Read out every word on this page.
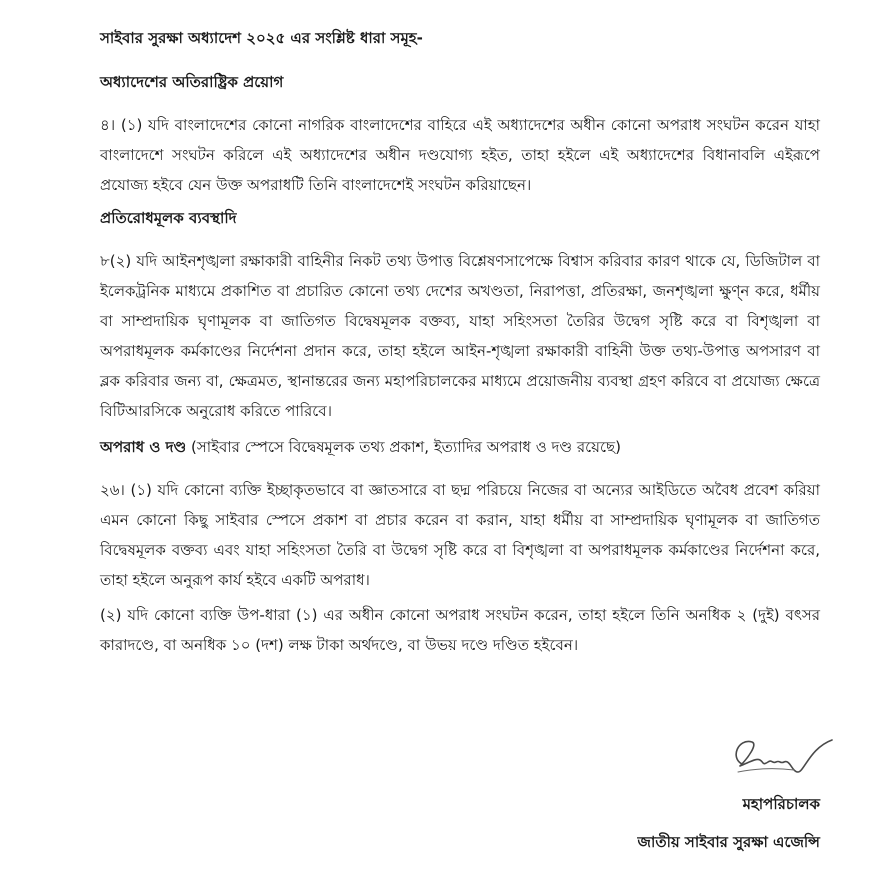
সাইবার সুরক্ষা অধ্যাদেশ ২০২৫ এর সংশ্লিষ্ট ধারা সমূহ-

অধ্যাদেশের অতিরাষ্ট্রিক প্রয়োগ

৪। (১) যদি বাংলাদেশের কোনো নাগরিক বাংলাদেশের বাহিরে এই অধ্যাদেশের অধীন কোনো অপরাধ সংঘটন করেন যাহা বাংলাদেশে সংঘটন করিলে এই অধ্যাদেশের অধীন দণ্ডযোগ্য হইত, তাহা হইলে এই অধ্যাদেশের বিধানাবলি এইরূপে প্রযোজ্য হইবে যেন উক্ত অপরাধটি তিনি বাংলাদেশেই সংঘটন করিয়াছেন।

প্রতিরোধমূলক ব্যবস্থাদি

৮(২) যদি আইনশৃঙ্খলা রক্ষাকারী বাহিনীর নিকট তথ্য উপাত্ত বিশ্লেষণসাপেক্ষে বিশ্বাস করিবার কারণ থাকে যে, ডিজিটাল বা ইলেকট্রনিক মাধ্যমে প্রকাশিত বা প্রচারিত কোনো তথ্য দেশের অখণ্ডতা, নিরাপত্তা, প্রতিরক্ষা, জনশৃঙ্খলা ক্ষুণ্ন করে, ধর্মীয় বা সাম্প্রদায়িক ঘৃণামূলক বা জাতিগত বিদ্বেষমূলক বক্তব্য, যাহা সহিংসতা তৈরির উদ্বেগ সৃষ্টি করে বা বিশৃঙ্খলা বা অপরাধমূলক কর্মকাণ্ডের নির্দেশনা প্রদান করে, তাহা হইলে আইন-শৃঙ্খলা রক্ষাকারী বাহিনী উক্ত তথ্য-উপাত্ত অপসারণ বা ব্লক করিবার জন্য বা, ক্ষেত্রমত, স্থানান্তরের জন্য মহাপরিচালকের মাধ্যমে প্রয়োজনীয় ব্যবস্থা গ্রহণ করিবে বা প্রযোজ্য ক্ষেত্রে বিটিআরসিকে অনুরোধ করিতে পারিবে।

অপরাধ ও দণ্ড (সাইবার স্পেসে বিদ্বেষমূলক তথ্য প্রকাশ, ইত্যাদির অপরাধ ও দণ্ড রয়েছে)

২৬। (১) যদি কোনো ব্যক্তি ইচ্ছাকৃতভাবে বা জ্ঞাতসারে বা ছদ্ম পরিচয়ে নিজের বা অন্যের আইডিতে অবৈধ প্রবেশ করিয়া এমন কোনো কিছু সাইবার স্পেসে প্রকাশ বা প্রচার করেন বা করান, যাহা ধর্মীয় বা সাম্প্রদায়িক ঘৃণামূলক বা জাতিগত বিদ্বেষমূলক বক্তব্য এবং যাহা সহিংসতা তৈরি বা উদ্বেগ সৃষ্টি করে বা বিশৃঙ্খলা বা অপরাধমূলক কর্মকাণ্ডের নির্দেশনা করে, তাহা হইলে অনুরূপ কার্য হইবে একটি অপরাধ।

(২) যদি কোনো ব্যক্তি উপ-ধারা (১) এর অধীন কোনো অপরাধ সংঘটন করেন, তাহা হইলে তিনি অনধিক ২ (দুই) বৎসর কারাদণ্ডে, বা অনধিক ১০ (দশ) লক্ষ টাকা অর্থদণ্ডে, বা উভয় দণ্ডে দণ্ডিত হইবেন।

মহাপরিচালক
জাতীয় সাইবার সুরক্ষা এজেন্সি
